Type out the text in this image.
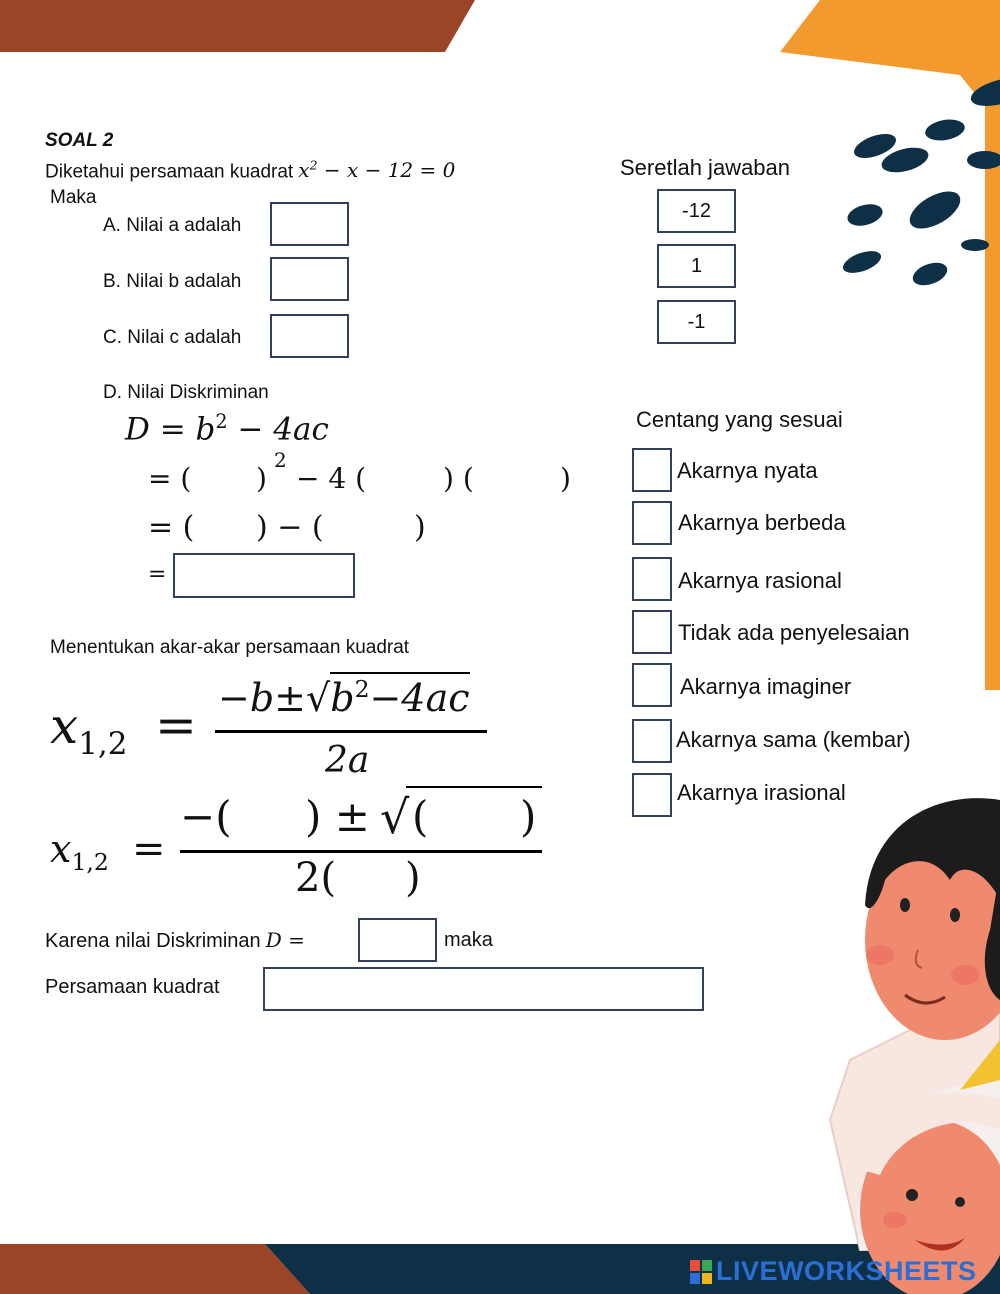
SOAL 2
Diketahui persamaan kuadrat $x^2 - x - 12 = 0$
Maka
A. Nilai a adalah
B. Nilai b adalah
C. Nilai c adalah
D. Nilai Diskriminan
Seretlah jawaban
-12
1
-1
$D = b^2 - 4ac$
= ( )
2
− 4 (	) (	)
= ( ) − (	)
=
Centang yang sesuai
Akarnya nyata
Akarnya berbeda
Akarnya rasional
Tidak ada penyelesaian
Akarnya imaginer
Akarnya sama (kembar)
Akarnya irasional
Menentukan akar-akar persamaan kuadrat
$x_{1,2} = -b\pm√b^2-4ac$
2a
$x_{1,2}$ =
−( ) ± √ ( )
2( )
Karena nilai Diskriminan D =	maka
Persamaan kuadrat
LIVEWORKSHEETS
